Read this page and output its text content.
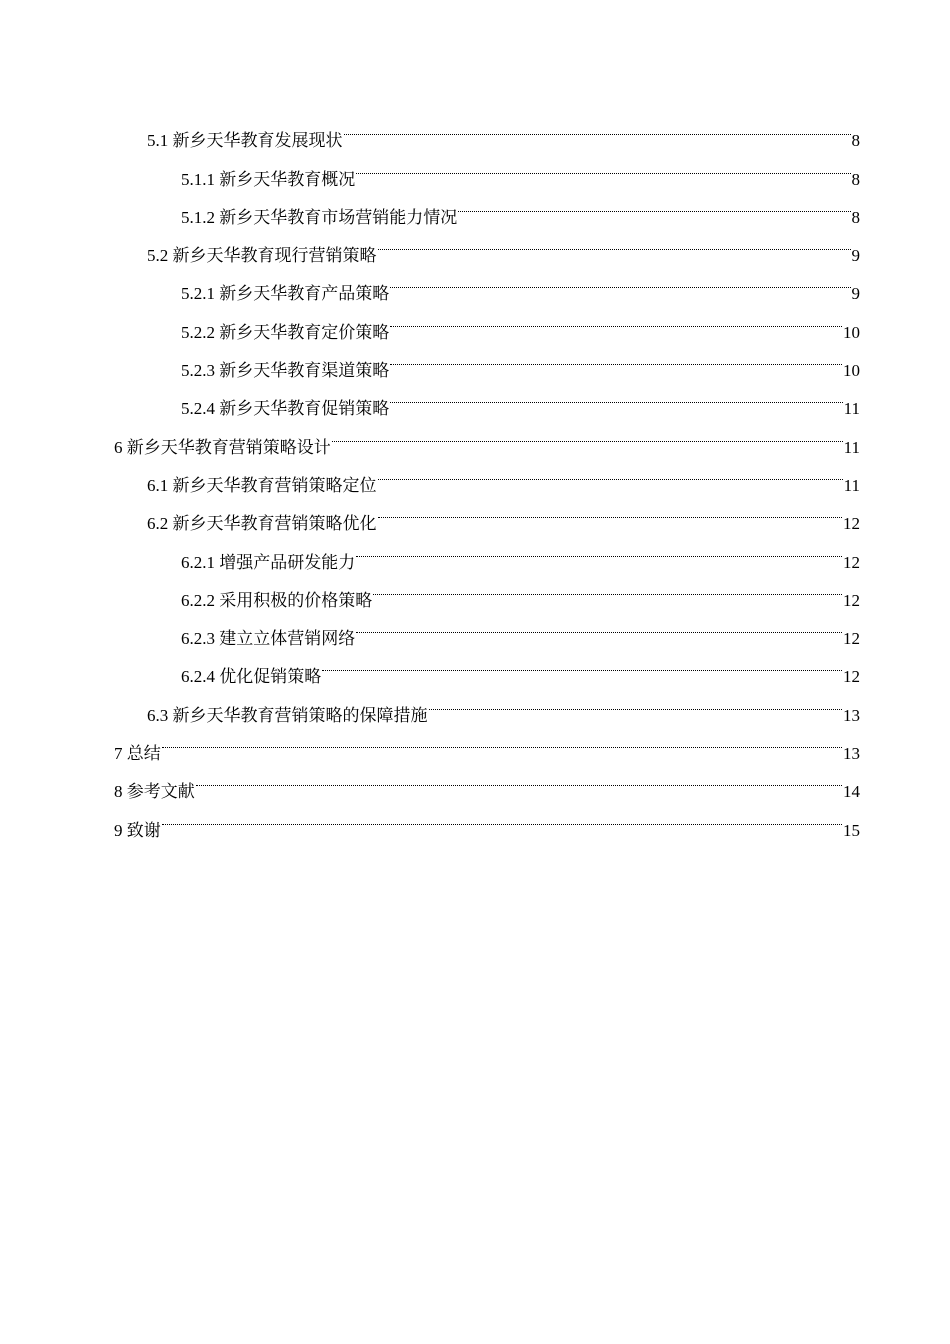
5.1 新乡天华教育发展现状	8
5.1.1 新乡天华教育概况	8
5.1.2 新乡天华教育市场营销能力情况	8
5.2 新乡天华教育现行营销策略	9
5.2.1 新乡天华教育产品策略	9
5.2.2 新乡天华教育定价策略	10
5.2.3 新乡天华教育渠道策略	10
5.2.4 新乡天华教育促销策略	11
6 新乡天华教育营销策略设计	11
6.1 新乡天华教育营销策略定位	11
6.2 新乡天华教育营销策略优化	12
6.2.1 增强产品研发能力	12
6.2.2 采用积极的价格策略	12
6.2.3 建立立体营销网络	12
6.2.4 优化促销策略	12
6.3 新乡天华教育营销策略的保障措施	13
7 总结	13
8 参考文献	14
9 致谢	15
